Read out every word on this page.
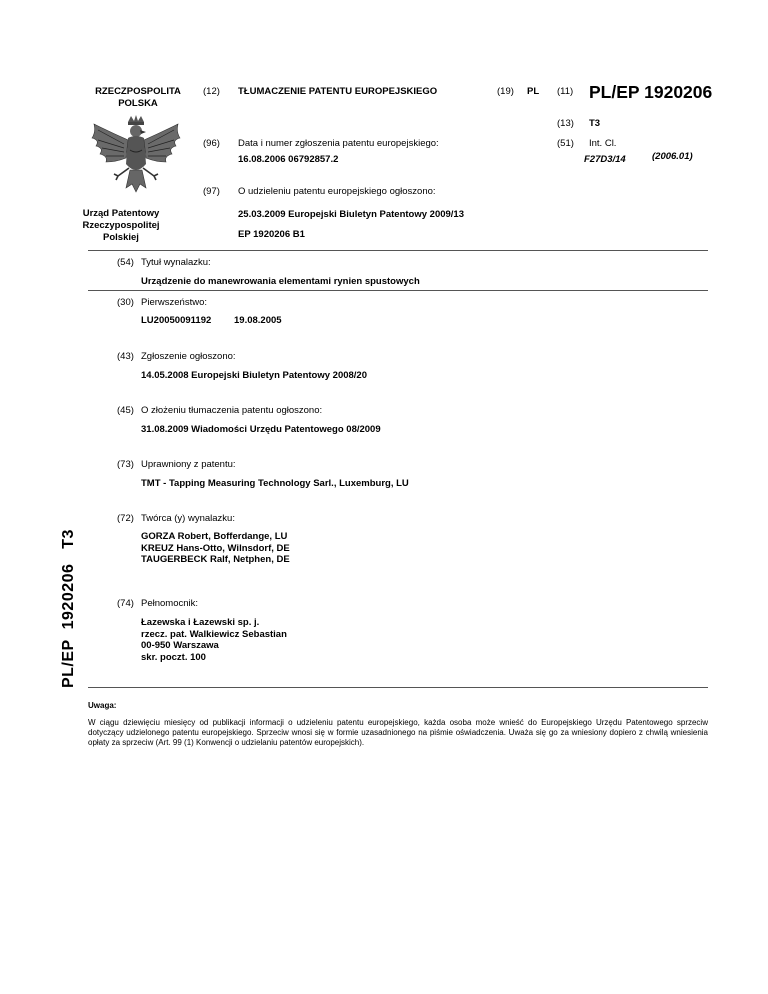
RZECZPOSPOLITA
POLSKA
Urząd Patentowy
Rzeczypospolitej
Polskiej
(12) TŁUMACZENIE PATENTU EUROPEJSKIEGO	(19) PL (11) PL/EP 1920206
(13) T3
(96) Data i numer zgłoszenia patentu europejskiego:	(51) Int. Cl.
16.08.2006 06792857.2	F27D3/14	(2006.01)
(97) O udzieleniu patentu europejskiego ogłoszono:
25.03.2009 Europejski Biuletyn Patentowy 2009/13
EP 1920206 B1
(54) Tytuł wynalazku:
Urządzenie do manewrowania elementami rynien spustowych
(30) Pierwszeństwo:
LU20050091192 19.08.2005
(43) Zgłoszenie ogłoszono:
14.05.2008 Europejski Biuletyn Patentowy 2008/20
(45) O złożeniu tłumaczenia patentu ogłoszono:
31.08.2009 Wiadomości Urzędu Patentowego 08/2009
(73) Uprawniony z patentu:
TMT - Tapping Measuring Technology Sarl., Luxemburg, LU
(72) Twórca (y) wynalazku:
GORZA Robert, Bofferdange, LU
KREUZ Hans-Otto, Wilnsdorf, DE
TAUGERBECK Ralf, Netphen, DE
(74) Pełnomocnik:
Łazewska i Łazewski sp. j.
rzecz. pat. Walkiewicz Sebastian
00-950 Warszawa
skr. poczt. 100
PL/EP  1920206   T3
Uwaga:
W ciągu dziewięciu miesięcy od publikacji informacji o udzieleniu patentu europejskiego, każda osoba może wnieść do Europejskiego Urzędu Patentowego sprzeciw dotyczący udzielonego patentu europejskiego. Sprzeciw wnosi się w formie uzasadnionego na piśmie oświadczenia. Uważa się go za wniesiony dopiero z chwilą wniesienia opłaty za sprzeciw (Art. 99 (1) Konwencji o udzielaniu patentów europejskich).
